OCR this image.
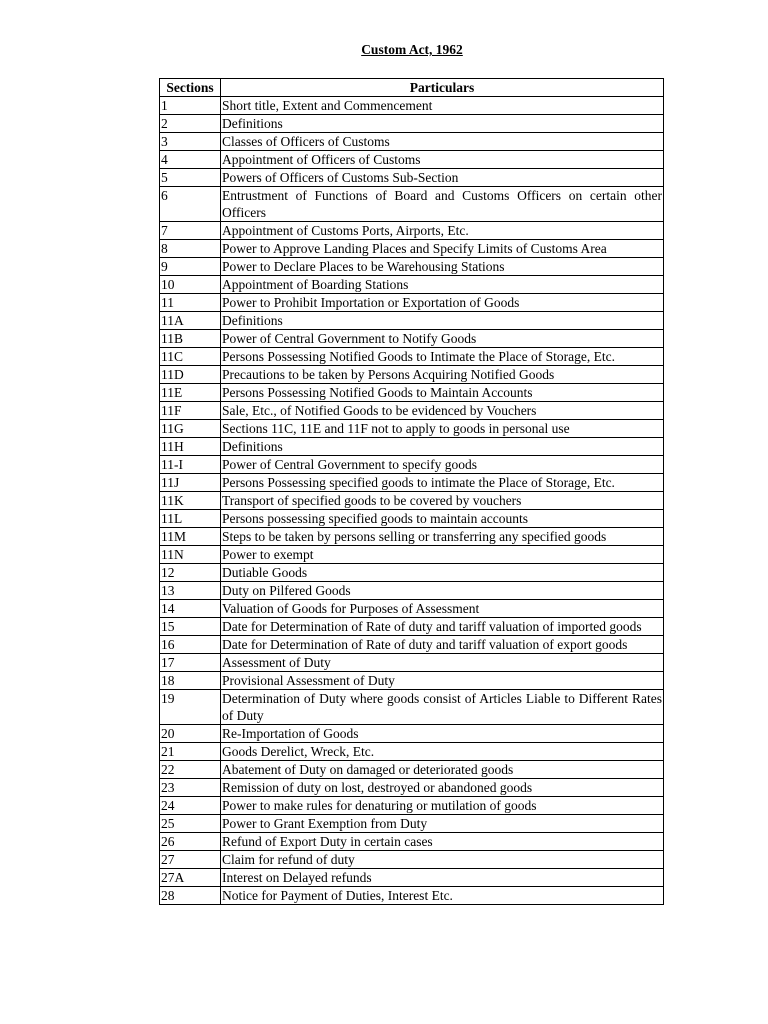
Custom Act, 1962
Sections	Particulars
1	Short title, Extent and Commencement
2	Definitions
3	Classes of Officers of Customs
4	Appointment of Officers of Customs
5	Powers of Officers of Customs Sub-Section
6	Entrustment of Functions of Board and Customs Officers on certain other Officers
7	Appointment of Customs Ports, Airports, Etc.
8	Power to Approve Landing Places and Specify Limits of Customs Area
9	Power to Declare Places to be Warehousing Stations
10	Appointment of Boarding Stations
11	Power to Prohibit Importation or Exportation of Goods
11A	Definitions
11B	Power of Central Government to Notify Goods
11C	Persons Possessing Notified Goods to Intimate the Place of Storage, Etc.
11D	Precautions to be taken by Persons Acquiring Notified Goods
11E	Persons Possessing Notified Goods to Maintain Accounts
11F	Sale, Etc., of Notified Goods to be evidenced by Vouchers
11G	Sections 11C, 11E and 11F not to apply to goods in personal use
11H	Definitions
11-I	Power of Central Government to specify goods
11J	Persons Possessing specified goods to intimate the Place of Storage, Etc.
11K	Transport of specified goods to be covered by vouchers
11L	Persons possessing specified goods to maintain accounts
11M	Steps to be taken by persons selling or transferring any specified goods
11N	Power to exempt
12	Dutiable Goods
13	Duty on Pilfered Goods
14	Valuation of Goods for Purposes of Assessment
15	Date for Determination of Rate of duty and tariff valuation of imported goods
16	Date for Determination of Rate of duty and tariff valuation of export goods
17	Assessment of Duty
18	Provisional Assessment of Duty
19	Determination of Duty where goods consist of Articles Liable to Different Rates of Duty
20	Re-Importation of Goods
21	Goods Derelict, Wreck, Etc.
22	Abatement of Duty on damaged or deteriorated goods
23	Remission of duty on lost, destroyed or abandoned goods
24	Power to make rules for denaturing or mutilation of goods
25	Power to Grant Exemption from Duty
26	Refund of Export Duty in certain cases
27	Claim for refund of duty
27A	Interest on Delayed refunds
28	Notice for Payment of Duties, Interest Etc.
